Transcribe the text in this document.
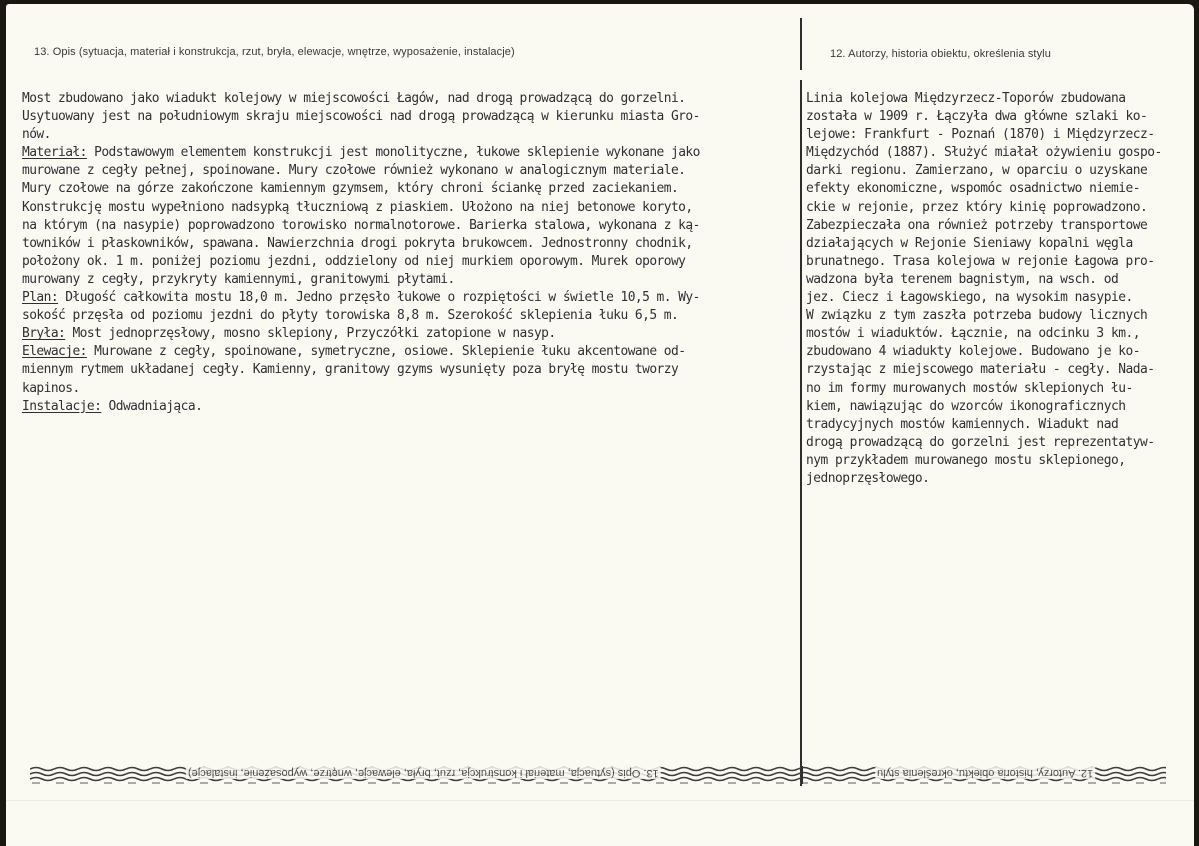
13. Opis (sytuacja, materiał i konstrukcja, rzut, bryła, elewacje, wnętrze, wyposażenie, instalacje)	12. Autorzy, historia obiektu, określenia stylu
Most zbudowano jako wiadukt kolejowy w miejscowości Łagów, nad drogą prowadzącą do gorzelni.
Usytuowany jest na południowym skraju miejscowości nad drogą prowadzącą w kierunku miasta Gro-
nów.
Materiał: Podstawowym elementem konstrukcji jest monolityczne, łukowe sklepienie wykonane jako
murowane z cegły pełnej, spoinowane. Mury czołowe również wykonano w analogicznym materiale.
Mury czołowe na górze zakończone kamiennym gzymsem, który chroni ściankę przed zaciekaniem.
Konstrukcję mostu wypełniono nadsypką tłuczniową z piaskiem. Ułożono na niej betonowe koryto,
na którym (na nasypie) poprowadzono torowisko normalnotorowe. Barierka stalowa, wykonana z ką-
towników i płaskowników, spawana. Nawierzchnia drogi pokryta brukowcem. Jednostronny chodnik,
położony ok. 1 m. poniżej poziomu jezdni, oddzielony od niej murkiem oporowym. Murek oporowy
murowany z cegły, przykryty kamiennymi, granitowymi płytami.
Plan: Długość całkowita mostu 18,0 m. Jedno przęsło łukowe o rozpiętości w świetle 10,5 m. Wy-
sokość przęsła od poziomu jezdni do płyty torowiska 8,8 m. Szerokość sklepienia łuku 6,5 m.
Bryła: Most jednoprzęsłowy, mosno sklepiony, Przyczółki zatopione w nasyp.
Elewacje: Murowane z cegły, spoinowane, symetryczne, osiowe. Sklepienie łuku akcentowane od-
miennym rytmem układanej cegły. Kamienny, granitowy gzyms wysunięty poza bryłę mostu tworzy
kapinos.
Instalacje: Odwadniająca.
Linia kolejowa Międzyrzecz-Toporów zbudowana
została w 1909 r. Łączyła dwa główne szlaki ko-
lejowe: Frankfurt - Poznań (1870) i Międzyrzecz-
Międzychód (1887). Służyć miałał ożywieniu gospo-
darki regionu. Zamierzano, w oparciu o uzyskane
efekty ekonomiczne, wspomóc osadnictwo niemie-
ckie w rejonie, przez który kinię poprowadzono.
Zabezpieczała ona również potrzeby transportowe
działających w Rejonie Sieniawy kopalni węgla
brunatnego. Trasa kolejowa w rejonie Łagowa pro-
wadzona była terenem bagnistym, na wsch. od
jez. Ciecz i Łagowskiego, na wysokim nasypie.
W związku z tym zaszła potrzeba budowy licznych
mostów i wiaduktów. Łącznie, na odcinku 3 km.,
zbudowano 4 wiadukty kolejowe. Budowano je ko-
rzystając z miejscowego materiału - cegły. Nada-
no im formy murowanych mostów sklepionych łu-
kiem, nawiązując do wzorców ikonograficznych
tradycyjnych mostów kamiennych. Wiadukt nad
drogą prowadzącą do gorzelni jest reprezentatyw-
nym przykładem murowanego mostu sklepionego,
jednoprzęsłowego.
13. Opis (sytuacja, materiał i konstrukcja, rzut, bryła, elewacje, wnętrze, wyposażenie, instalacje)	12. Autorzy, historia obiektu, określenia stylu
